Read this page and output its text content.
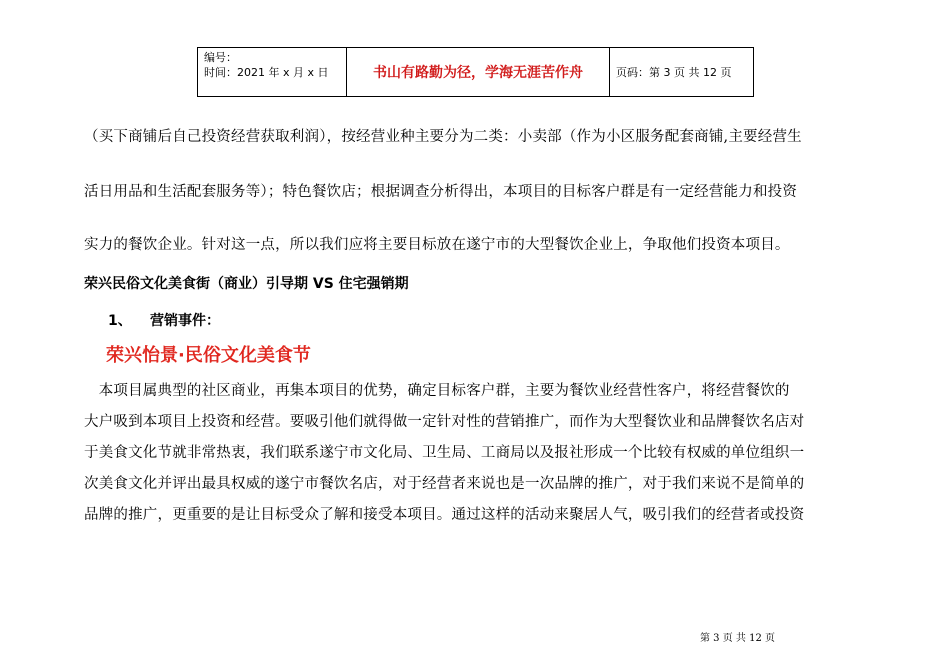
编号：
时间：2021 年 x 月 x 日	书山有路勤为径，学海无涯苦作舟	页码：第 3 页 共 12 页
（买下商铺后自己投资经营获取利润），按经营业种主要分为二类：小卖部（作为小区服务配套商铺,主要经营生
活日用品和生活配套服务等）；特色餐饮店；根据调查分析得出，本项目的目标客户群是有一定经营能力和投资
实力的餐饮企业。针对这一点，所以我们应将主要目标放在遂宁市的大型餐饮企业上，争取他们投资本项目。
荣兴民俗文化美食街（商业）引导期 VS 住宅强销期
1、 营销事件：
荣兴怡景·民俗文化美食节
　本项目属典型的社区商业，再集本项目的优势，确定目标客户群，主要为餐饮业经营性客户，将经营餐饮的
大户吸到本项目上投资和经营。要吸引他们就得做一定针对性的营销推广，而作为大型餐饮业和品牌餐饮名店对
于美食文化节就非常热衷，我们联系遂宁市文化局、卫生局、工商局以及报社形成一个比较有权威的单位组织一
次美食文化并评出最具权威的遂宁市餐饮名店，对于经营者来说也是一次品牌的推广，对于我们来说不是简单的
品牌的推广，更重要的是让目标受众了解和接受本项目。通过这样的活动来聚居人气，吸引我们的经营者或投资
第 3 页 共 12 页
